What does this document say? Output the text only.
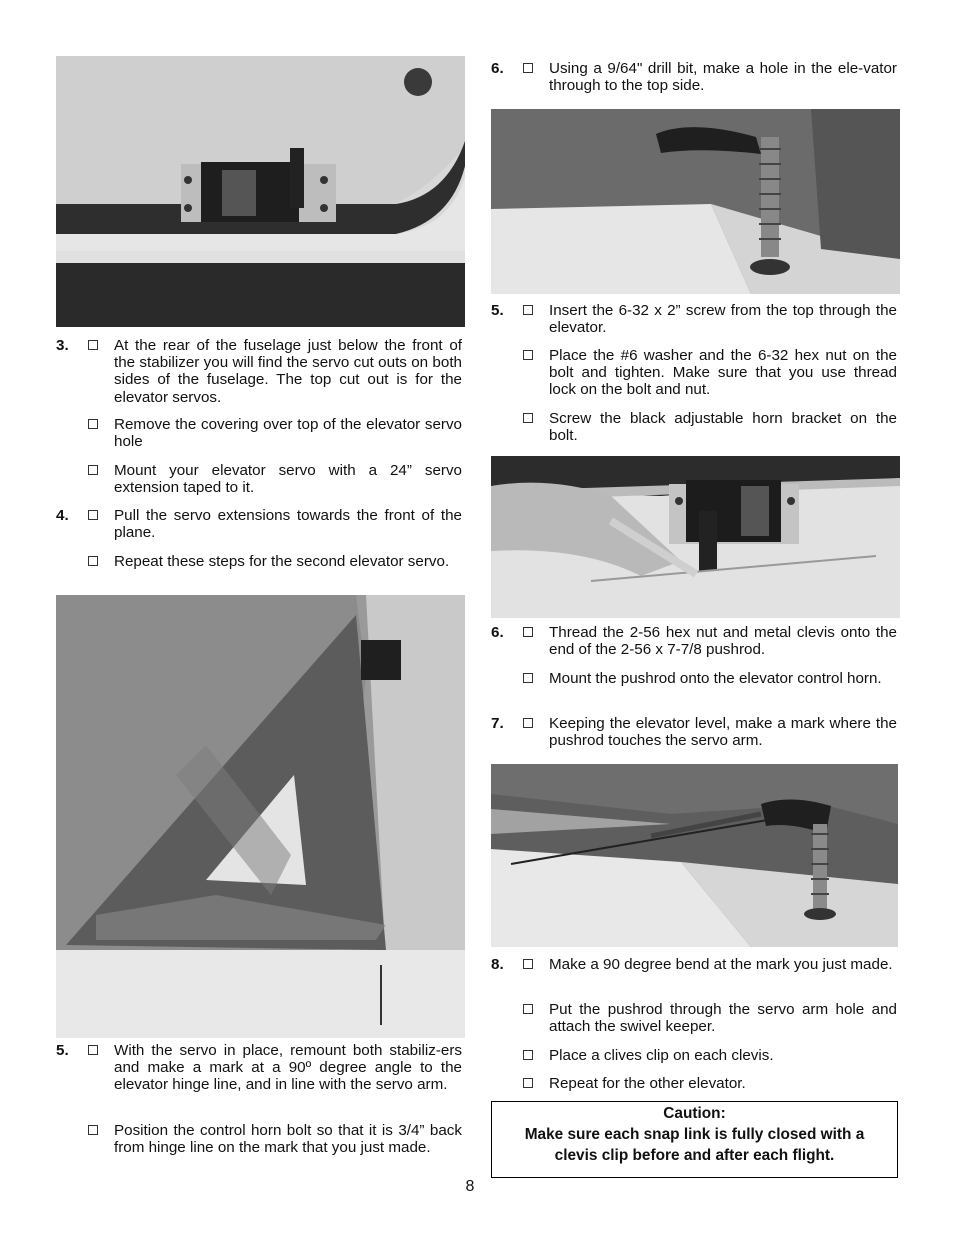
3.	At the rear of the fuselage just below the front of the stabilizer you will find the servo cut outs on both sides of the fuselage. The top cut out is for the elevator servos.
Remove the covering over top of the elevator servo hole
Mount your elevator servo with a 24” servo extension taped to it.
4.	Pull the servo extensions towards the front of the plane.
Repeat these steps for the second elevator servo.
5.	With the servo in place, remount both stabiliz-ers and make a mark at a 90º degree angle to the elevator hinge line, and in line with the servo arm.
Position the control horn bolt so that it is 3/4” back from hinge line on the mark that you just made.
6.	Using a 9/64" drill bit, make a hole in the ele-vator through to the top side.
5.	Insert the 6-32 x 2” screw from the top through the elevator.
Place the #6 washer and the 6-32 hex nut on the bolt and tighten. Make sure that you use thread lock on the bolt and nut.
Screw the black adjustable horn bracket on the bolt.
6.	Thread the 2-56 hex nut and metal clevis onto the end of the 2-56 x 7-7/8 pushrod.
Mount the pushrod onto the elevator control horn.
7.	Keeping the elevator level, make a mark where the pushrod touches the servo arm.
8.	Make a 90 degree bend at the mark you just made.
Put the pushrod through the servo arm hole and attach the swivel keeper.
Place a clives clip on each clevis.
Repeat for the other elevator.
Caution:
Make sure each snap link is fully closed with a
clevis clip before and after each flight.
8
